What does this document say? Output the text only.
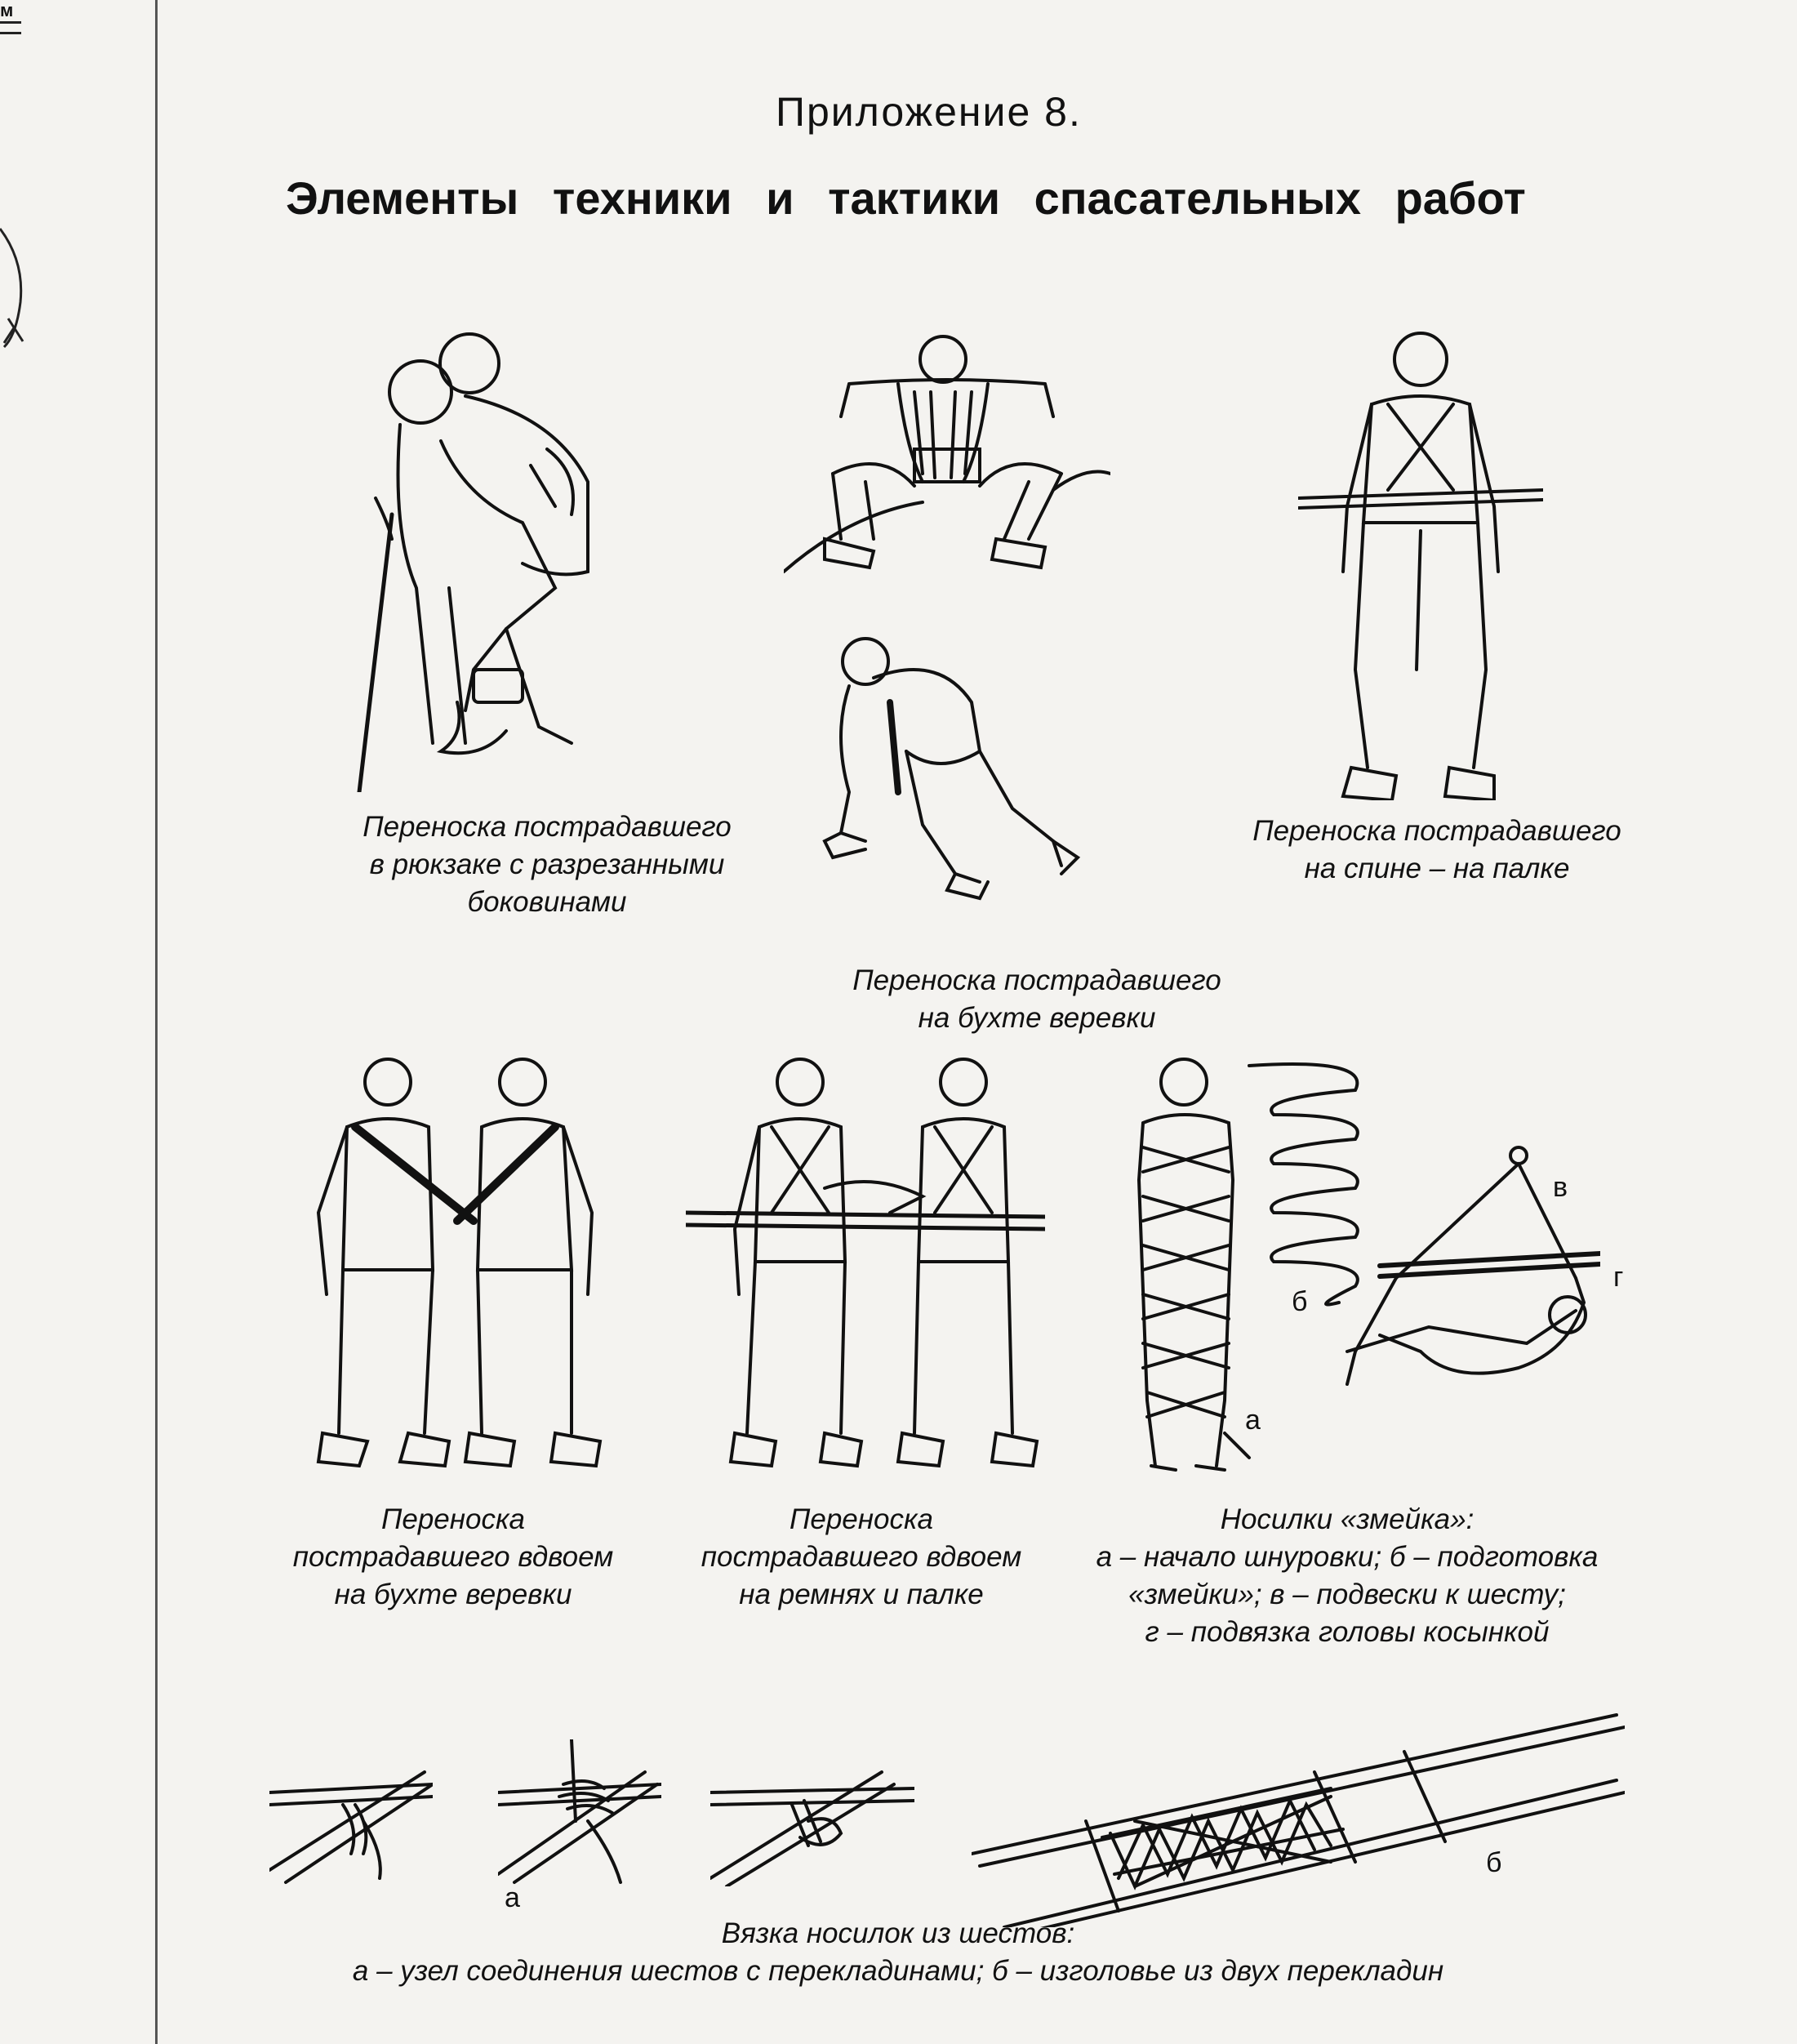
м
Приложение 8.
Элементы техники и тактики спасательных работ
Переноска пострадавшего
в рюкзаке с разрезанными
боковинами
Переноска пострадавшего
на бухте веревки
Переноска пострадавшего
на спине – на палке
Переноска
пострадавшего вдвоем
на бухте веревки
Переноска
пострадавшего вдвоем
на ремнях и палке
а
б
в
г
Носилки «змейка»:
а – начало шнуровки; б – подготовка
«змейки»; в – подвески к шесту;
г – подвязка головы косынкой
а
б
Вязка носилок из шестов:
а – узел соединения шестов с перекладинами; б – изголовье из двух перекладин
